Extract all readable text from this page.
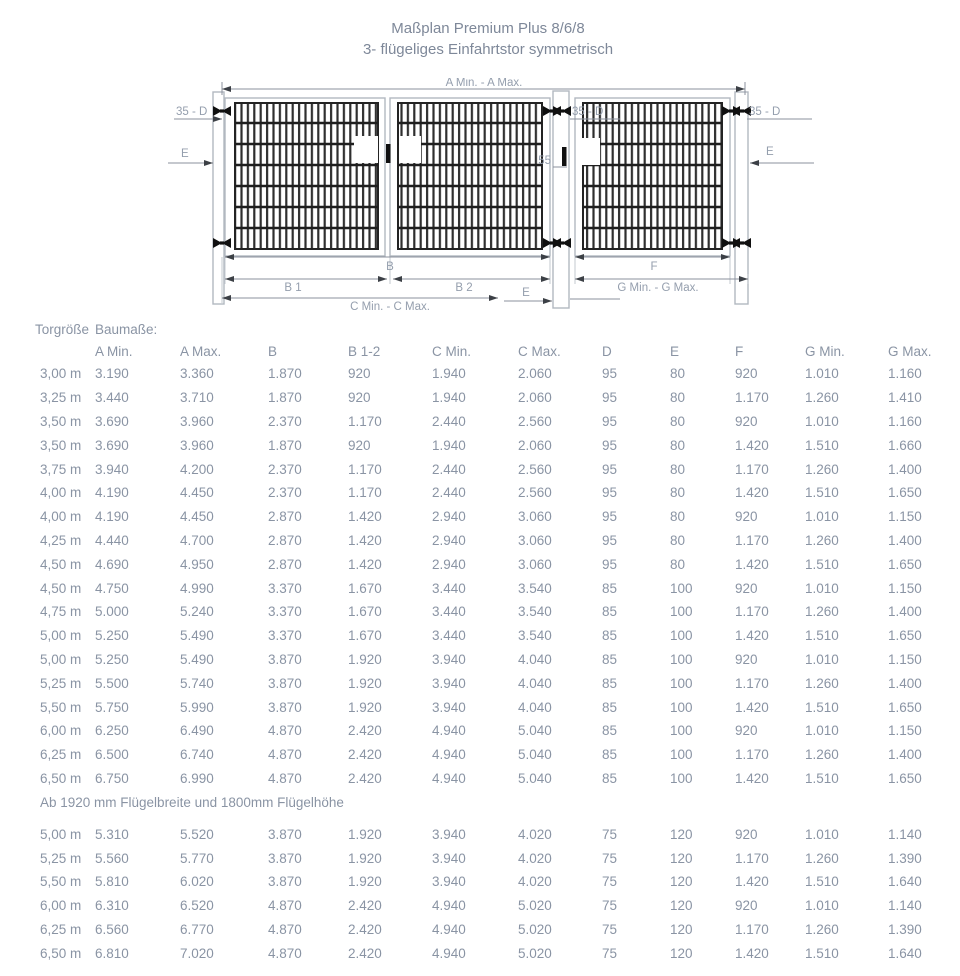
Maßplan Premium Plus 8/6/8
3- flügeliges Einfahrtstor symmetrisch
A Min. - A Max.
35 - D	35 - D	35 - D
E	E
55
B	F
B 1	B 2	G Min. - G Max.
C Min. - C Max.
E
Torgröße Baumaße:
A Min.	A Max.	B	B 1-2	C Min.	C Max.	D	E	F	G Min.	G Max.
3,00 m	3.190	3.360	1.870	920	1.940	2.060	95	80	920	1.010	1.160
3,25 m	3.440	3.710	1.870	920	1.940	2.060	95	80	1.170	1.260	1.410
3,50 m	3.690	3.960	2.370	1.170	2.440	2.560	95	80	920	1.010	1.160
3,50 m	3.690	3.960	1.870	920	1.940	2.060	95	80	1.420	1.510	1.660
3,75 m	3.940	4.200	2.370	1.170	2.440	2.560	95	80	1.170	1.260	1.400
4,00 m	4.190	4.450	2.370	1.170	2.440	2.560	95	80	1.420	1.510	1.650
4,00 m	4.190	4.450	2.870	1.420	2.940	3.060	95	80	920	1.010	1.150
4,25 m	4.440	4.700	2.870	1.420	2.940	3.060	95	80	1.170	1.260	1.400
4,50 m	4.690	4.950	2.870	1.420	2.940	3.060	95	80	1.420	1.510	1.650
4,50 m	4.750	4.990	3.370	1.670	3.440	3.540	85	100	920	1.010	1.150
4,75 m	5.000	5.240	3.370	1.670	3.440	3.540	85	100	1.170	1.260	1.400
5,00 m	5.250	5.490	3.370	1.670	3.440	3.540	85	100	1.420	1.510	1.650
5,00 m	5.250	5.490	3.870	1.920	3.940	4.040	85	100	920	1.010	1.150
5,25 m	5.500	5.740	3.870	1.920	3.940	4.040	85	100	1.170	1.260	1.400
5,50 m	5.750	5.990	3.870	1.920	3.940	4.040	85	100	1.420	1.510	1.650
6,00 m	6.250	6.490	4.870	2.420	4.940	5.040	85	100	920	1.010	1.150
6,25 m	6.500	6.740	4.870	2.420	4.940	5.040	85	100	1.170	1.260	1.400
6,50 m	6.750	6.990	4.870	2.420	4.940	5.040	85	100	1.420	1.510	1.650
Ab 1920 mm Flügelbreite und 1800mm Flügelhöhe
5,00 m	5.310	5.520	3.870	1.920	3.940	4.020	75	120	920	1.010	1.140
5,25 m	5.560	5.770	3.870	1.920	3.940	4.020	75	120	1.170	1.260	1.390
5,50 m	5.810	6.020	3.870	1.920	3.940	4.020	75	120	1.420	1.510	1.640
6,00 m	6.310	6.520	4.870	2.420	4.940	5.020	75	120	920	1.010	1.140
6,25 m	6.560	6.770	4.870	2.420	4.940	5.020	75	120	1.170	1.260	1.390
6,50 m	6.810	7.020	4.870	2.420	4.940	5.020	75	120	1.420	1.510	1.640
